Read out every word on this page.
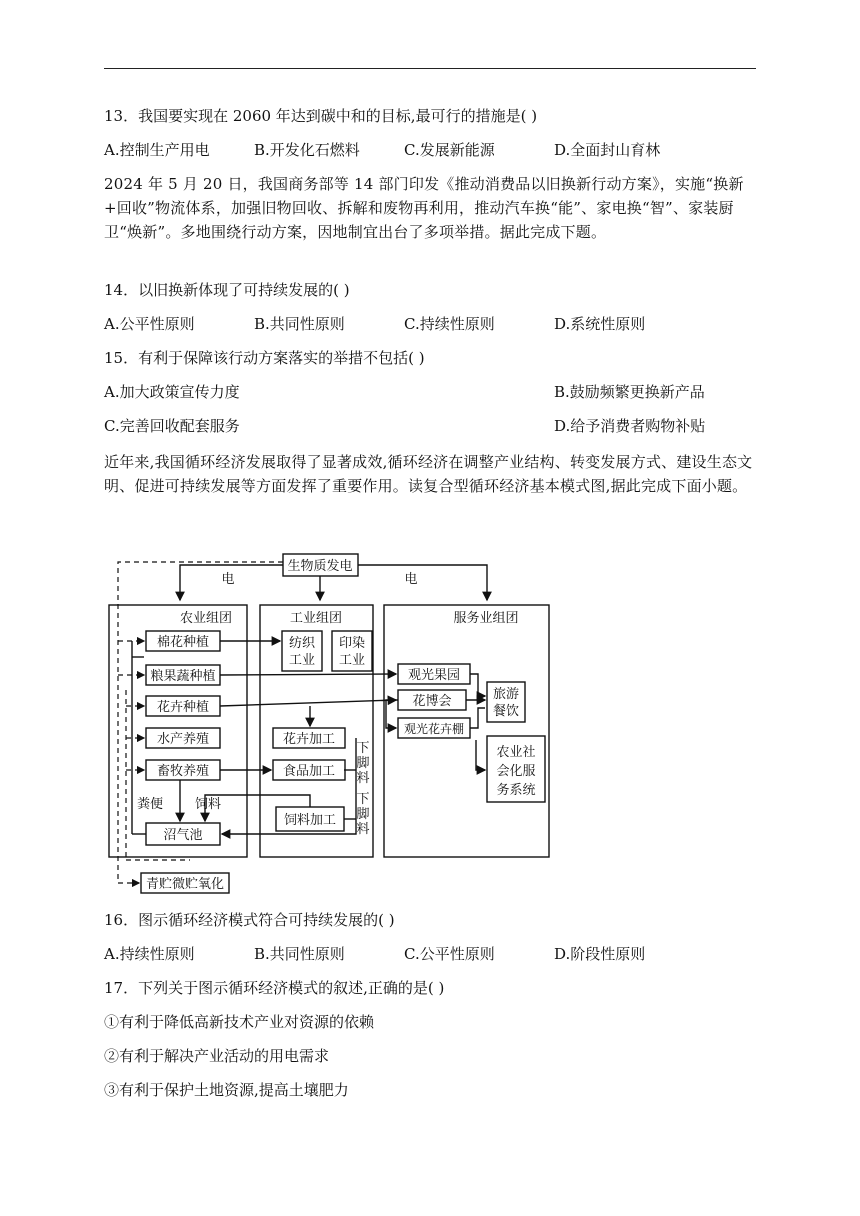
13．我国要实现在 2060 年达到碳中和的目标,最可行的措施是( )
A.控制生产用电	B.开发化石燃料	C.发展新能源	D.全面封山育林
2024 年 5 月 20 日，我国商务部等 14 部门印发《推动消费品以旧换新行动方案》，实施“换新+回收”物流体系，加强旧物回收、拆解和废物再利用，推动汽车换“能”、家电换“智”、家装厨卫“焕新”。多地围绕行动方案，因地制宜出台了多项举措。据此完成下题。
14．以旧换新体现了可持续发展的( )
A.公平性原则	B.共同性原则	C.持续性原则	D.系统性原则
15．有利于保障该行动方案落实的举措不包括( )
A.加大政策宣传力度	B.鼓励频繁更换新产品
C.完善回收配套服务	D.给予消费者购物补贴
近年来,我国循环经济发展取得了显著成效,循环经济在调整产业结构、转变发展方式、建设生态文明、促进可持续发展等方面发挥了重要作用。读复合型循环经济基本模式图,据此完成下面小题。
生物质发电
电	电
农业组团	工业组团	服务业组团
棉花种植
粮果蔬种植
花卉种植
水产养殖
畜牧养殖
粪便 饲料
沼气池
青贮微贮氧化
纺织
工业
印染
工业
花卉加工
食品加工
饲料加工
下
脚
料
下
脚
料
观光果园
花博会
观光花卉棚
旅游
餐饮
农业社
会化服
务系统
16．图示循环经济模式符合可持续发展的( )
A.持续性原则	B.共同性原则	C.公平性原则	D.阶段性原则
17．下列关于图示循环经济模式的叙述,正确的是( )
①有利于降低高新技术产业对资源的依赖
②有利于解决产业活动的用电需求
③有利于保护土地资源,提高土壤肥力
